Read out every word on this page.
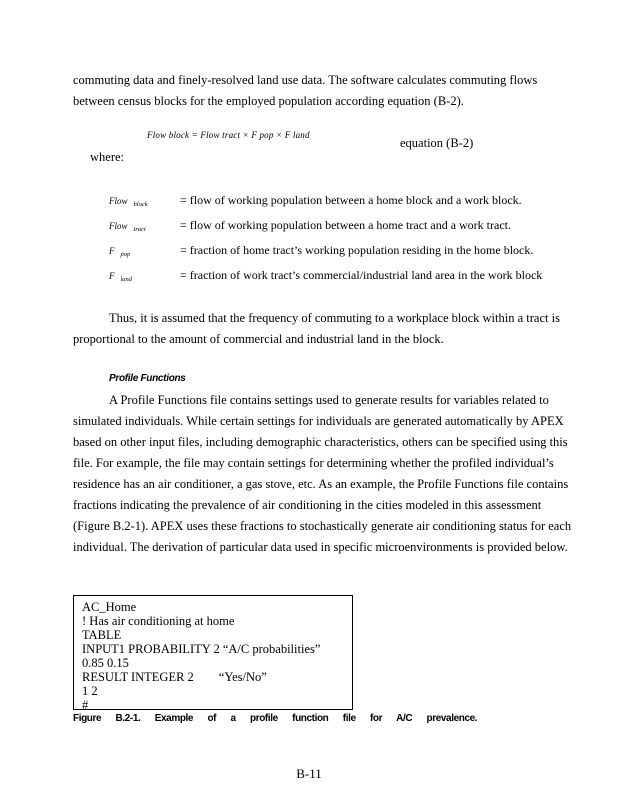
commuting data and finely-resolved land use data. The software calculates commuting flows between census blocks for the employed population according equation (B-2).

Flow block = Flow tract × F pop × F land
equation (B-2)
where:
Flow $_{block}$	= flow of working population between a home block and a work block.
Flow $_{tract}$	= flow of working population between a home tract and a work tract.
F $_{pop}$	= fraction of home tract’s working population residing in the home block.
F $_{land}$	= fraction of work tract’s commercial/industrial land area in the work block

Thus, it is assumed that the frequency of commuting to a workplace block within a tract is proportional to the amount of commercial and industrial land in the block.

Profile Functions

A Profile Functions file contains settings used to generate results for variables related to simulated individuals. While certain settings for individuals are generated automatically by APEX based on other input files, including demographic characteristics, others can be specified using this file. For example, the file may contain settings for determining whether the profiled individual’s residence has an air conditioner, a gas stove, etc. As an example, the Profile Functions file contains fractions indicating the prevalence of air conditioning in the cities modeled in this assessment (Figure B.2-1). APEX uses these fractions to stochastically generate air conditioning status for each individual. The derivation of particular data used in specific microenvironments is provided below.

AC_Home
! Has air conditioning at home
TABLE
INPUT1 PROBABILITY 2 “A/C probabilities”
0.85 0.15
RESULT INTEGER 2        “Yes/No”
1 2
#
Figure B.2-1. Example of a profile function file for A/C prevalence.
B-11
